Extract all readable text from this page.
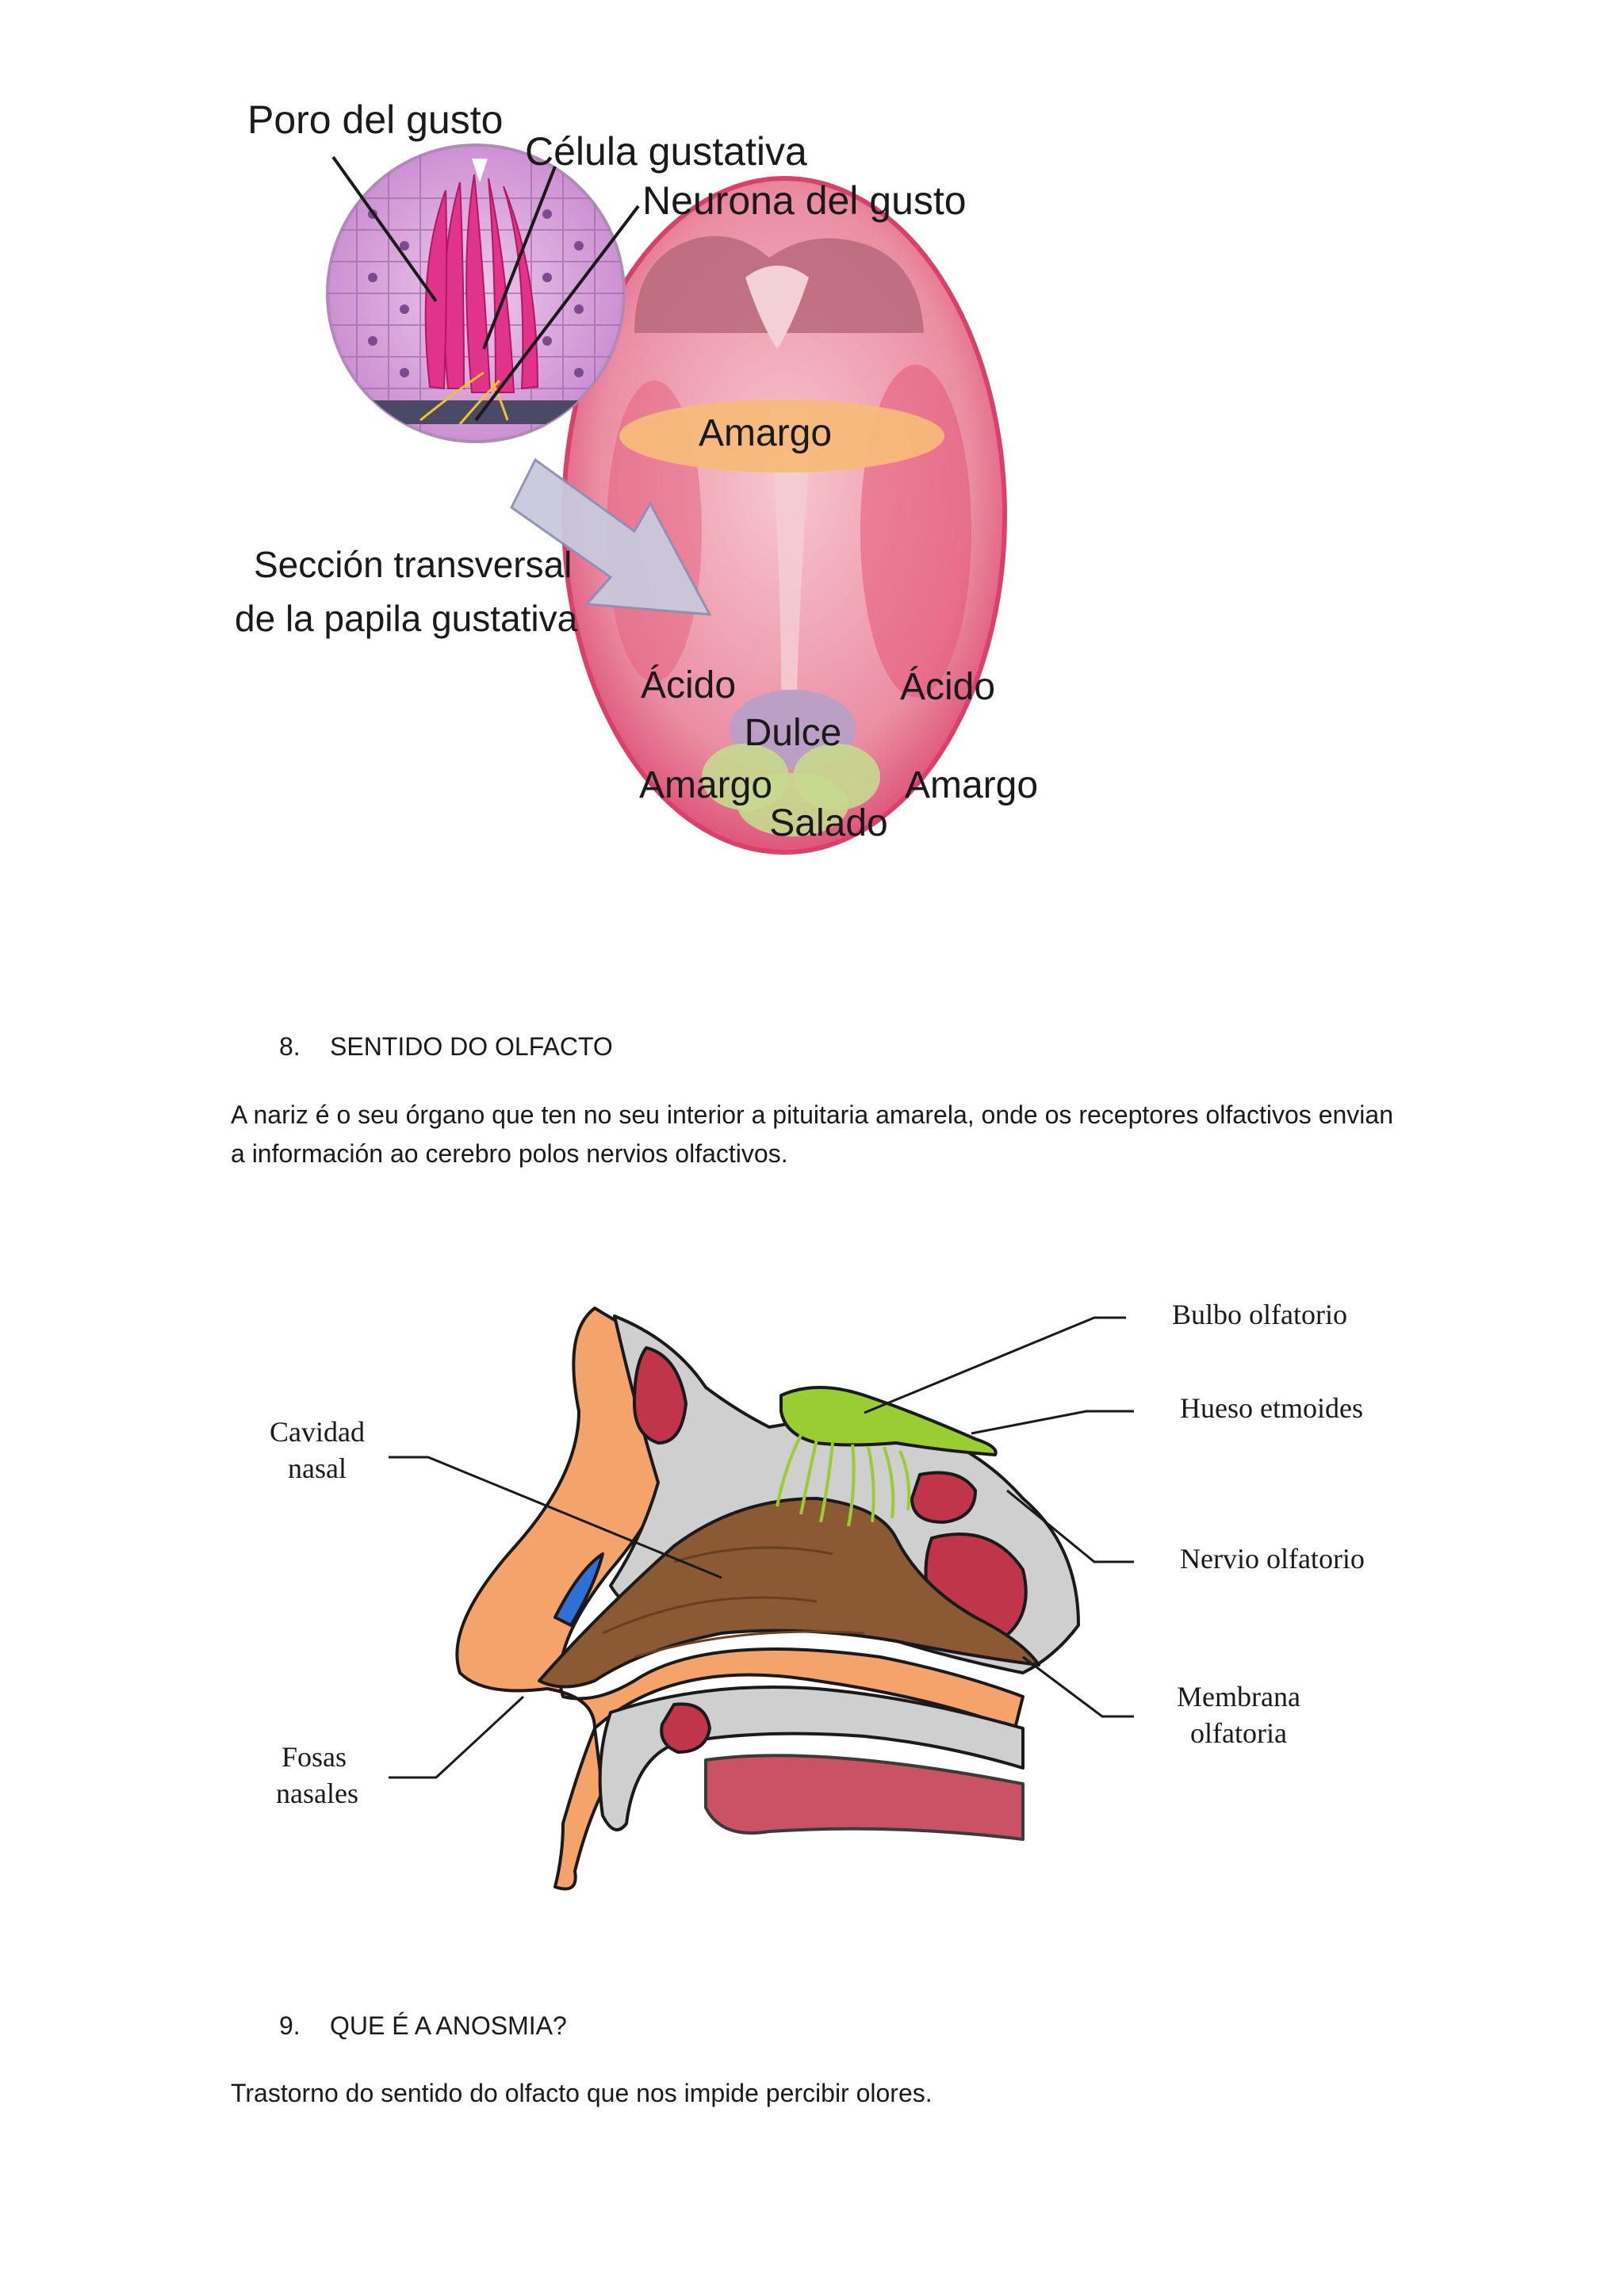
Poro del gusto
Célula gustativa
Neurona del gusto
Sección transversal
de la papila gustativa
Amargo
Ácido	Ácido
Dulce
Amargo	Amargo
Salado
8. SENTIDO DO OLFACTO
A nariz é o seu órgano que ten no seu interior a pituitaria amarela, onde os receptores olfactivos envian a información ao cerebro polos nervios olfactivos.
Bulbo olfatorio
Hueso etmoides
Nervio olfatorio
Membrana
olfatoria
Cavidad
nasal
Fosas
nasales
9. QUE É A ANOSMIA?
Trastorno do sentido do olfacto que nos impide percibir olores.
